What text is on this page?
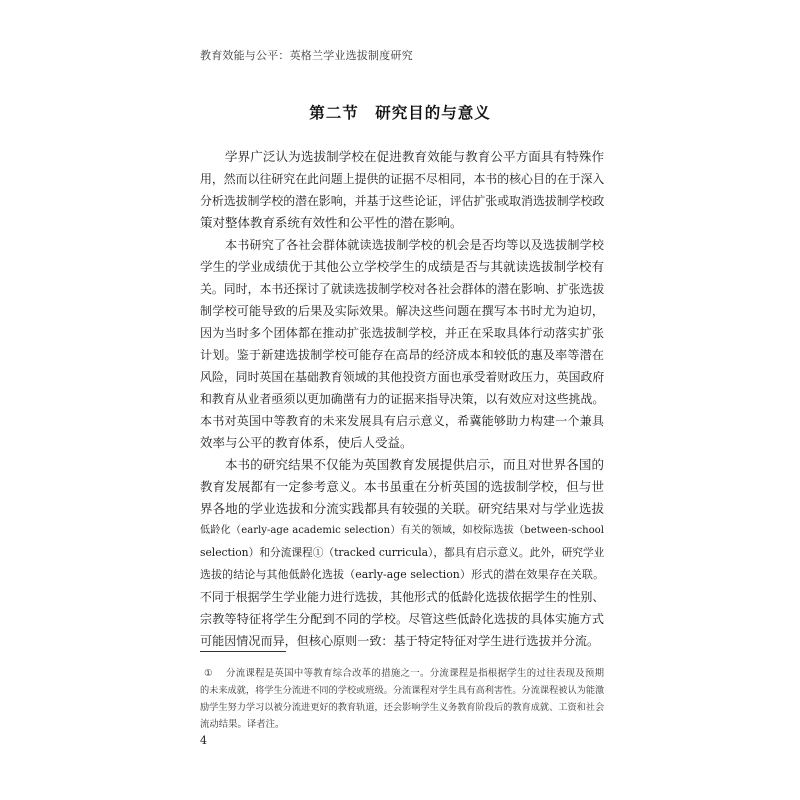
教育效能与公平：英格兰学业选拔制度研究
第二节　研究目的与意义
学界广泛认为选拔制学校在促进教育效能与教育公平方面具有特殊作
用，然而以往研究在此问题上提供的证据不尽相同，本书的核心目的在于深入
分析选拔制学校的潜在影响，并基于这些论证，评估扩张或取消选拔制学校政
策对整体教育系统有效性和公平性的潜在影响。
本书研究了各社会群体就读选拔制学校的机会是否均等以及选拔制学校
学生的学业成绩优于其他公立学校学生的成绩是否与其就读选拔制学校有
关。同时，本书还探讨了就读选拔制学校对各社会群体的潜在影响、扩张选拔
制学校可能导致的后果及实际效果。解决这些问题在撰写本书时尤为迫切，
因为当时多个团体都在推动扩张选拔制学校，并正在采取具体行动落实扩张
计划。鉴于新建选拔制学校可能存在高昂的经济成本和较低的惠及率等潜在
风险，同时英国在基础教育领域的其他投资方面也承受着财政压力，英国政府
和教育从业者亟须以更加确凿有力的证据来指导决策，以有效应对这些挑战。
本书对英国中等教育的未来发展具有启示意义，希冀能够助力构建一个兼具
效率与公平的教育体系，使后人受益。
本书的研究结果不仅能为英国教育发展提供启示，而且对世界各国的
教育发展都有一定参考意义。本书虽重在分析英国的选拔制学校，但与世
界各地的学业选拔和分流实践都具有较强的关联。研究结果对与学业选拔
低龄化（early-age academic selection）有关的领域，如校际选拔（between-school
selection）和分流课程①（tracked curricula），都具有启示意义。此外，研究学业
选拔的结论与其他低龄化选拔（early-age selection）形式的潜在效果存在关联。
不同于根据学生学业能力进行选拔，其他形式的低龄化选拔依据学生的性别、
宗教等特征将学生分配到不同的学校。尽管这些低龄化选拔的具体实施方式
可能因情况而异，但核心原则一致：基于特定特征对学生进行选拔并分流。
① 分流课程是英国中等教育综合改革的措施之一。分流课程是指根据学生的过往表现及预期
的未来成就，将学生分流进不同的学校或班级。分流课程对学生具有高利害性。分流课程被认为能激
励学生努力学习以被分流进更好的教育轨道，还会影响学生义务教育阶段后的教育成就、工资和社会
流动结果。译者注。
4
